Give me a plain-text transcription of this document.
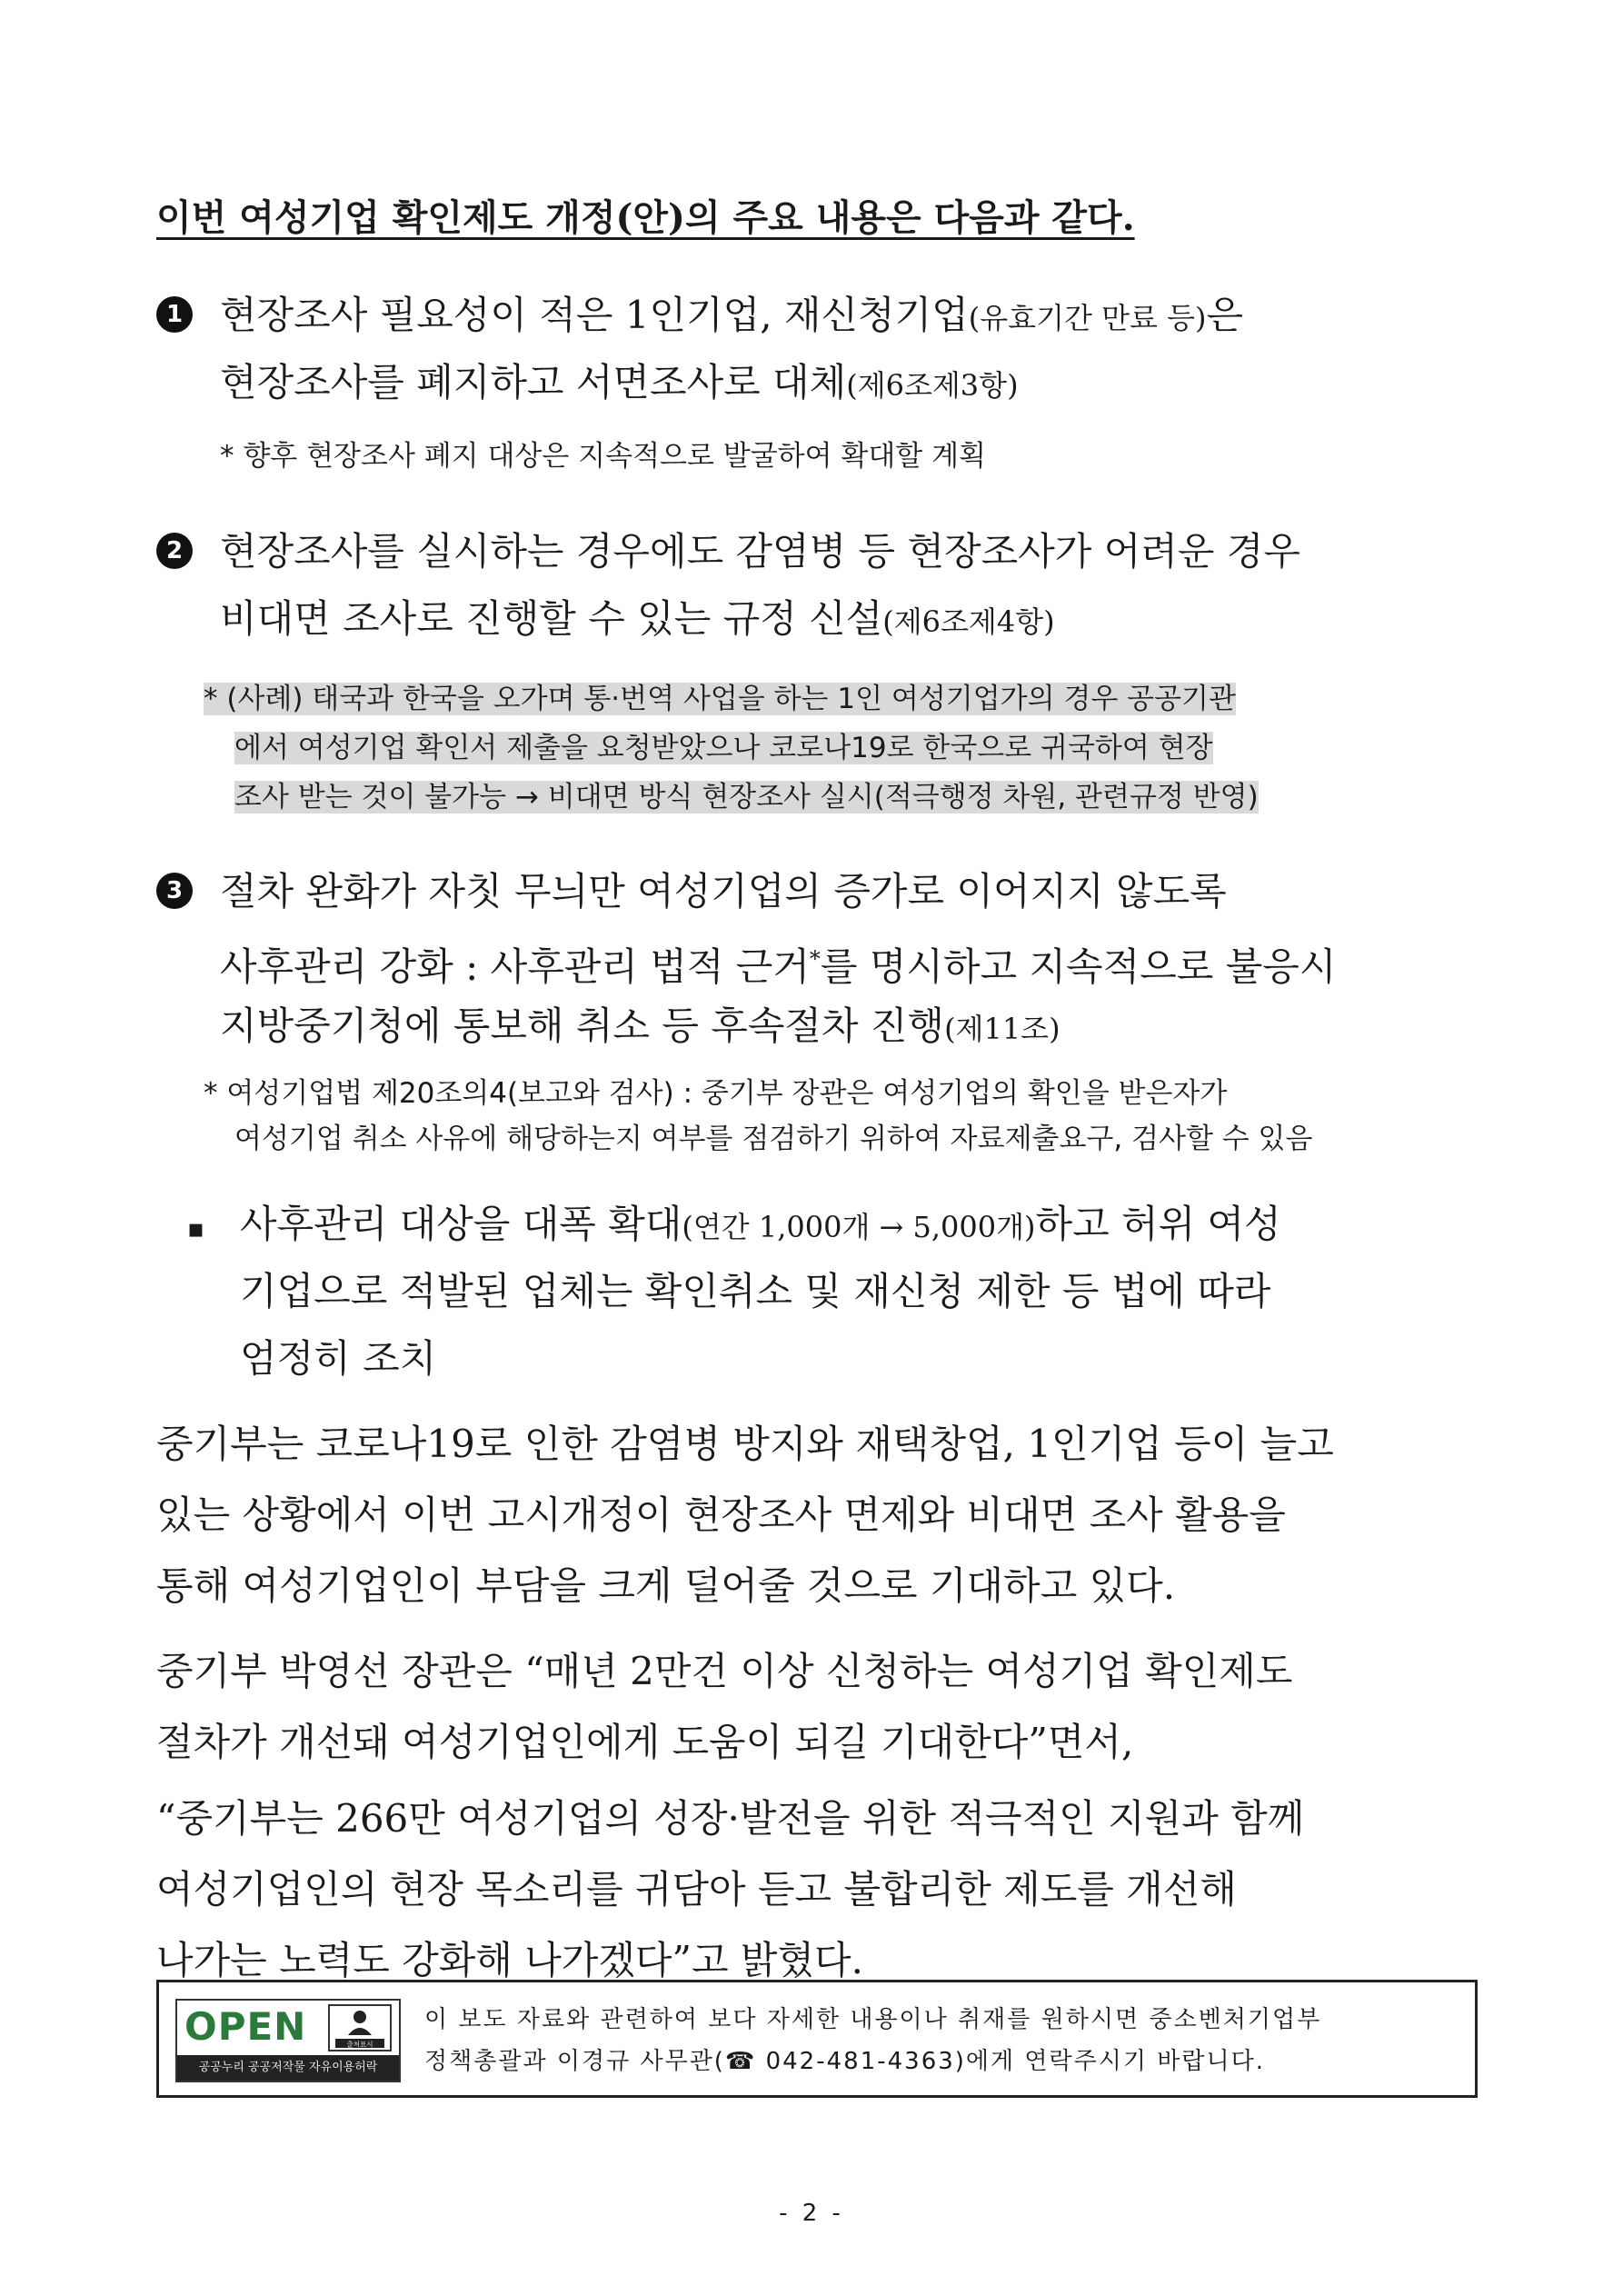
이번 여성기업 확인제도 개정(안)의 주요 내용은 다음과 같다.
1 현장조사 필요성이 적은 1인기업, 재신청기업(유효기간 만료 등)은
현장조사를 폐지하고 서면조사로 대체(제6조제3항)
* 향후 현장조사 폐지 대상은 지속적으로 발굴하여 확대할 계획
2 현장조사를 실시하는 경우에도 감염병 등 현장조사가 어려운 경우
비대면 조사로 진행할 수 있는 규정 신설(제6조제4항)
* (사례) 태국과 한국을 오가며 통·번역 사업을 하는 1인 여성기업가의 경우 공공기관
에서 여성기업 확인서 제출을 요청받았으나 코로나19로 한국으로 귀국하여 현장
조사 받는 것이 불가능 → 비대면 방식 현장조사 실시(적극행정 차원, 관련규정 반영)
3 절차 완화가 자칫 무늬만 여성기업의 증가로 이어지지 않도록
사후관리 강화 : 사후관리 법적 근거*를 명시하고 지속적으로 불응시
지방중기청에 통보해 취소 등 후속절차 진행(제11조)
* 여성기업법 제20조의4(보고와 검사) : 중기부 장관은 여성기업의 확인을 받은자가
여성기업 취소 사유에 해당하는지 여부를 점검하기 위하여 자료제출요구, 검사할 수 있음
▪ 사후관리 대상을 대폭 확대(연간 1,000개 → 5,000개)하고 허위 여성
기업으로 적발된 업체는 확인취소 및 재신청 제한 등 법에 따라
엄정히 조치
중기부는 코로나19로 인한 감염병 방지와 재택창업, 1인기업 등이 늘고
있는 상황에서 이번 고시개정이 현장조사 면제와 비대면 조사 활용을
통해 여성기업인이 부담을 크게 덜어줄 것으로 기대하고 있다.
중기부 박영선 장관은 “매년 2만건 이상 신청하는 여성기업 확인제도
절차가 개선돼 여성기업인에게 도움이 되길 기대한다”면서,
“중기부는 266만 여성기업의 성장·발전을 위한 적극적인 지원과 함께
여성기업인의 현장 목소리를 귀담아 듣고 불합리한 제도를 개선해
나가는 노력도 강화해 나가겠다”고 밝혔다.
OPEN	출처표시
공공누리 공공저작물 자유이용허락
이 보도 자료와 관련하여 보다 자세한 내용이나 취재를 원하시면 중소벤처기업부
정책총괄과 이경규 사무관(☎ 042-481-4363)에게 연락주시기 바랍니다.
- 2 -
